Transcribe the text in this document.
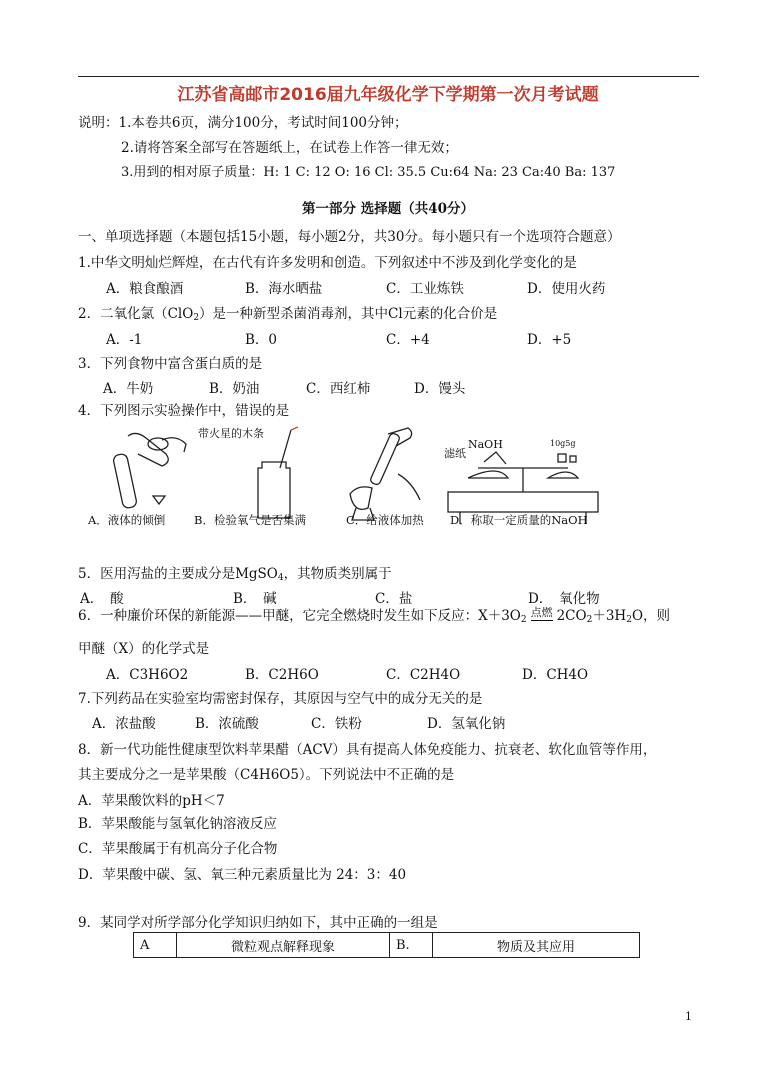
江苏省高邮市2016届九年级化学下学期第一次月考试题
说明：1.本卷共6页，满分100分，考试时间100分钟；
2.请将答案全部写在答题纸上，在试卷上作答一律无效；
3.用到的相对原子质量：H: 1 C: 12 O: 16 Cl: 35.5 Cu:64 Na: 23 Ca:40 Ba: 137
第一部分 选择题（共40分）
一、单项选择题（本题包括15小题，每小题2分，共30分。每小题只有一个选项符合题意）
1.中华文明灿烂辉煌，在古代有许多发明和创造。下列叙述中不涉及到化学变化的是
A．粮食酿酒	B．海水晒盐	C．工业炼铁	D．使用火药
2．二氧化氯（ClO$_2$）是一种新型杀菌消毒剂，其中Cl元素的化合价是
A．-1	B．0	C．+4	D．+5
3．下列食物中富含蛋白质的是
A．牛奶	B．奶油	C．西红柿	D．馒头
4．下列图示实验操作中，错误的是
带火星的木条
滤纸
NaOH	10g5g
A．液体的倾倒 B．检验氧气是否集满	C．给液体加热 D．称取一定质量的NaOH
5．医用泻盐的主要成分是MgSO$_4$，其物质类别属于
A．　酸	B．　碱	C．盐	D．　氧化物
6．一种廉价环保的新能源——甲醚，它完全燃烧时发生如下反应：$X+3O_2$点燃 $2CO_2+3H_2O$，则
甲醚（X）的化学式是
A．C3H6O2	B．C2H6O	C．C2H4O	D．CH4O
7.下列药品在实验室均需密封保存，其原因与空气中的成分无关的是
A．浓盐酸	B．浓硫酸	C．铁粉	D．氢氧化钠
8．新一代功能性健康型饮料苹果醋（ACV）具有提高人体免疫能力、抗衰老、软化血管等作用，
其主要成分之一是苹果酸（C4H6O5）。下列说法中不正确的是
A．苹果酸饮料的pH＜7
B．苹果酸能与氢氧化钠溶液反应
C．苹果酸属于有机高分子化合物
D．苹果酸中碳、氢、氧三种元素质量比为 24：3：40
9．某同学对所学部分化学知识归纳如下，其中正确的一组是
A	微粒观点解释现象	B.	物质及其应用
1
